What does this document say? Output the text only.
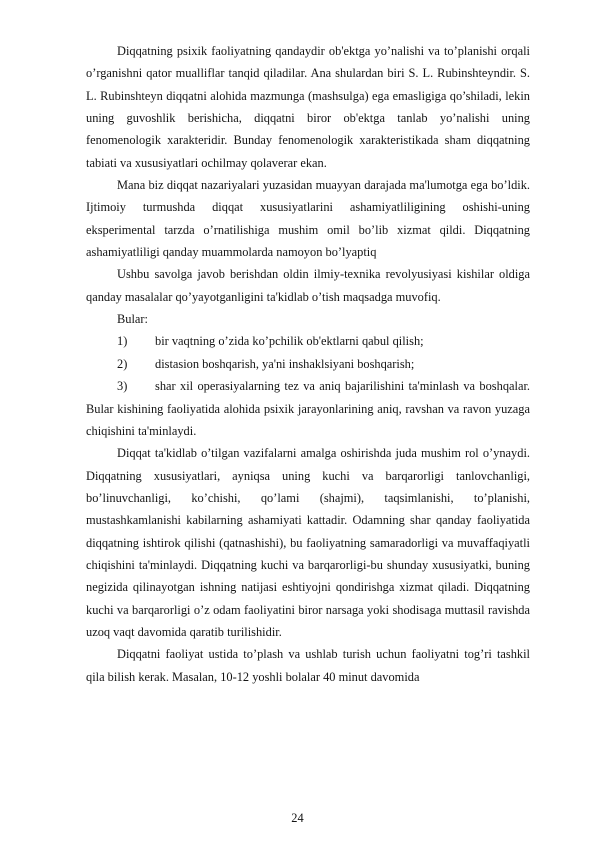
Diqqatning psixik faoliyatning qandaydir ob'ektga yo’nalishi va to’planishi orqali o’rganishni qator mualliflar tanqid qiladilar. Ana shulardan biri S. L. Rubinshteyndir. S. L. Rubinshteyn diqqatni alohida mazmunga (mashsulga) ega emasligiga qo’shiladi, lekin uning guvoshlik berishicha, diqqatni biror ob'ektga tanlab yo’nalishi uning fenomenologik xarakteridir. Bunday fenomenologik xarakteristikada sham diqqatning tabiati va xususiyatlari ochilmay qolaverar ekan.

Mana biz diqqat nazariyalari yuzasidan muayyan darajada ma'lumotga ega bo’ldik. Ijtimoiy turmushda diqqat xususiyatlarini ashamiyatliligining oshishi-uning eksperimental tarzda o’rnatilishiga mushim omil bo’lib xizmat qildi. Diqqatning ashamiyatliligi qanday muammolarda namoyon bo’lyaptiq

Ushbu savolga javob berishdan oldin ilmiy-texnika revolyusiyasi kishilar oldiga qanday masalalar qo’yayotganligini ta'kidlab o’tish maqsadga muvofiq.

Bular:

1)	bir vaqtning o’zida ko’pchilik ob'ektlarni qabul qilish;

2)	distasion boshqarish, ya'ni inshaklsiyani boshqarish;

3) shar xil operasiyalarning tez va aniq bajarilishini ta'minlash va boshqalar. Bular kishining faoliyatida alohida psixik jarayonlarining aniq, ravshan va ravon yuzaga chiqishini ta'minlaydi.

Diqqat ta'kidlab o’tilgan vazifalarni amalga oshirishda juda mushim rol o’ynaydi. Diqqatning xususiyatlari, ayniqsa uning kuchi va barqarorligi tanlovchanligi, bo’linuvchanligi, ko’chishi, qo’lami (shajmi), taqsimlanishi, to’planishi, mustashkamlanishi kabilarning ashamiyati kattadir. Odamning shar qanday faoliyatida diqqatning ishtirok qilishi (qatnashishi), bu faoliyatning samaradorligi va muvaffaqiyatli chiqishini ta'minlaydi. Diqqatning kuchi va barqarorligi-bu shunday xususiyatki, buning negizida qilinayotgan ishning natijasi eshtiyojni qondirishga xizmat qiladi. Diqqatning kuchi va barqarorligi o’z odam faoliyatini biror narsaga yoki shodisaga muttasil ravishda uzoq vaqt davomida qaratib turilishidir.

Diqqatni faoliyat ustida to’plash va ushlab turish uchun faoliyatni tog’ri tashkil qila bilish kerak. Masalan, 10-12 yoshli bolalar 40 minut davomida

24
